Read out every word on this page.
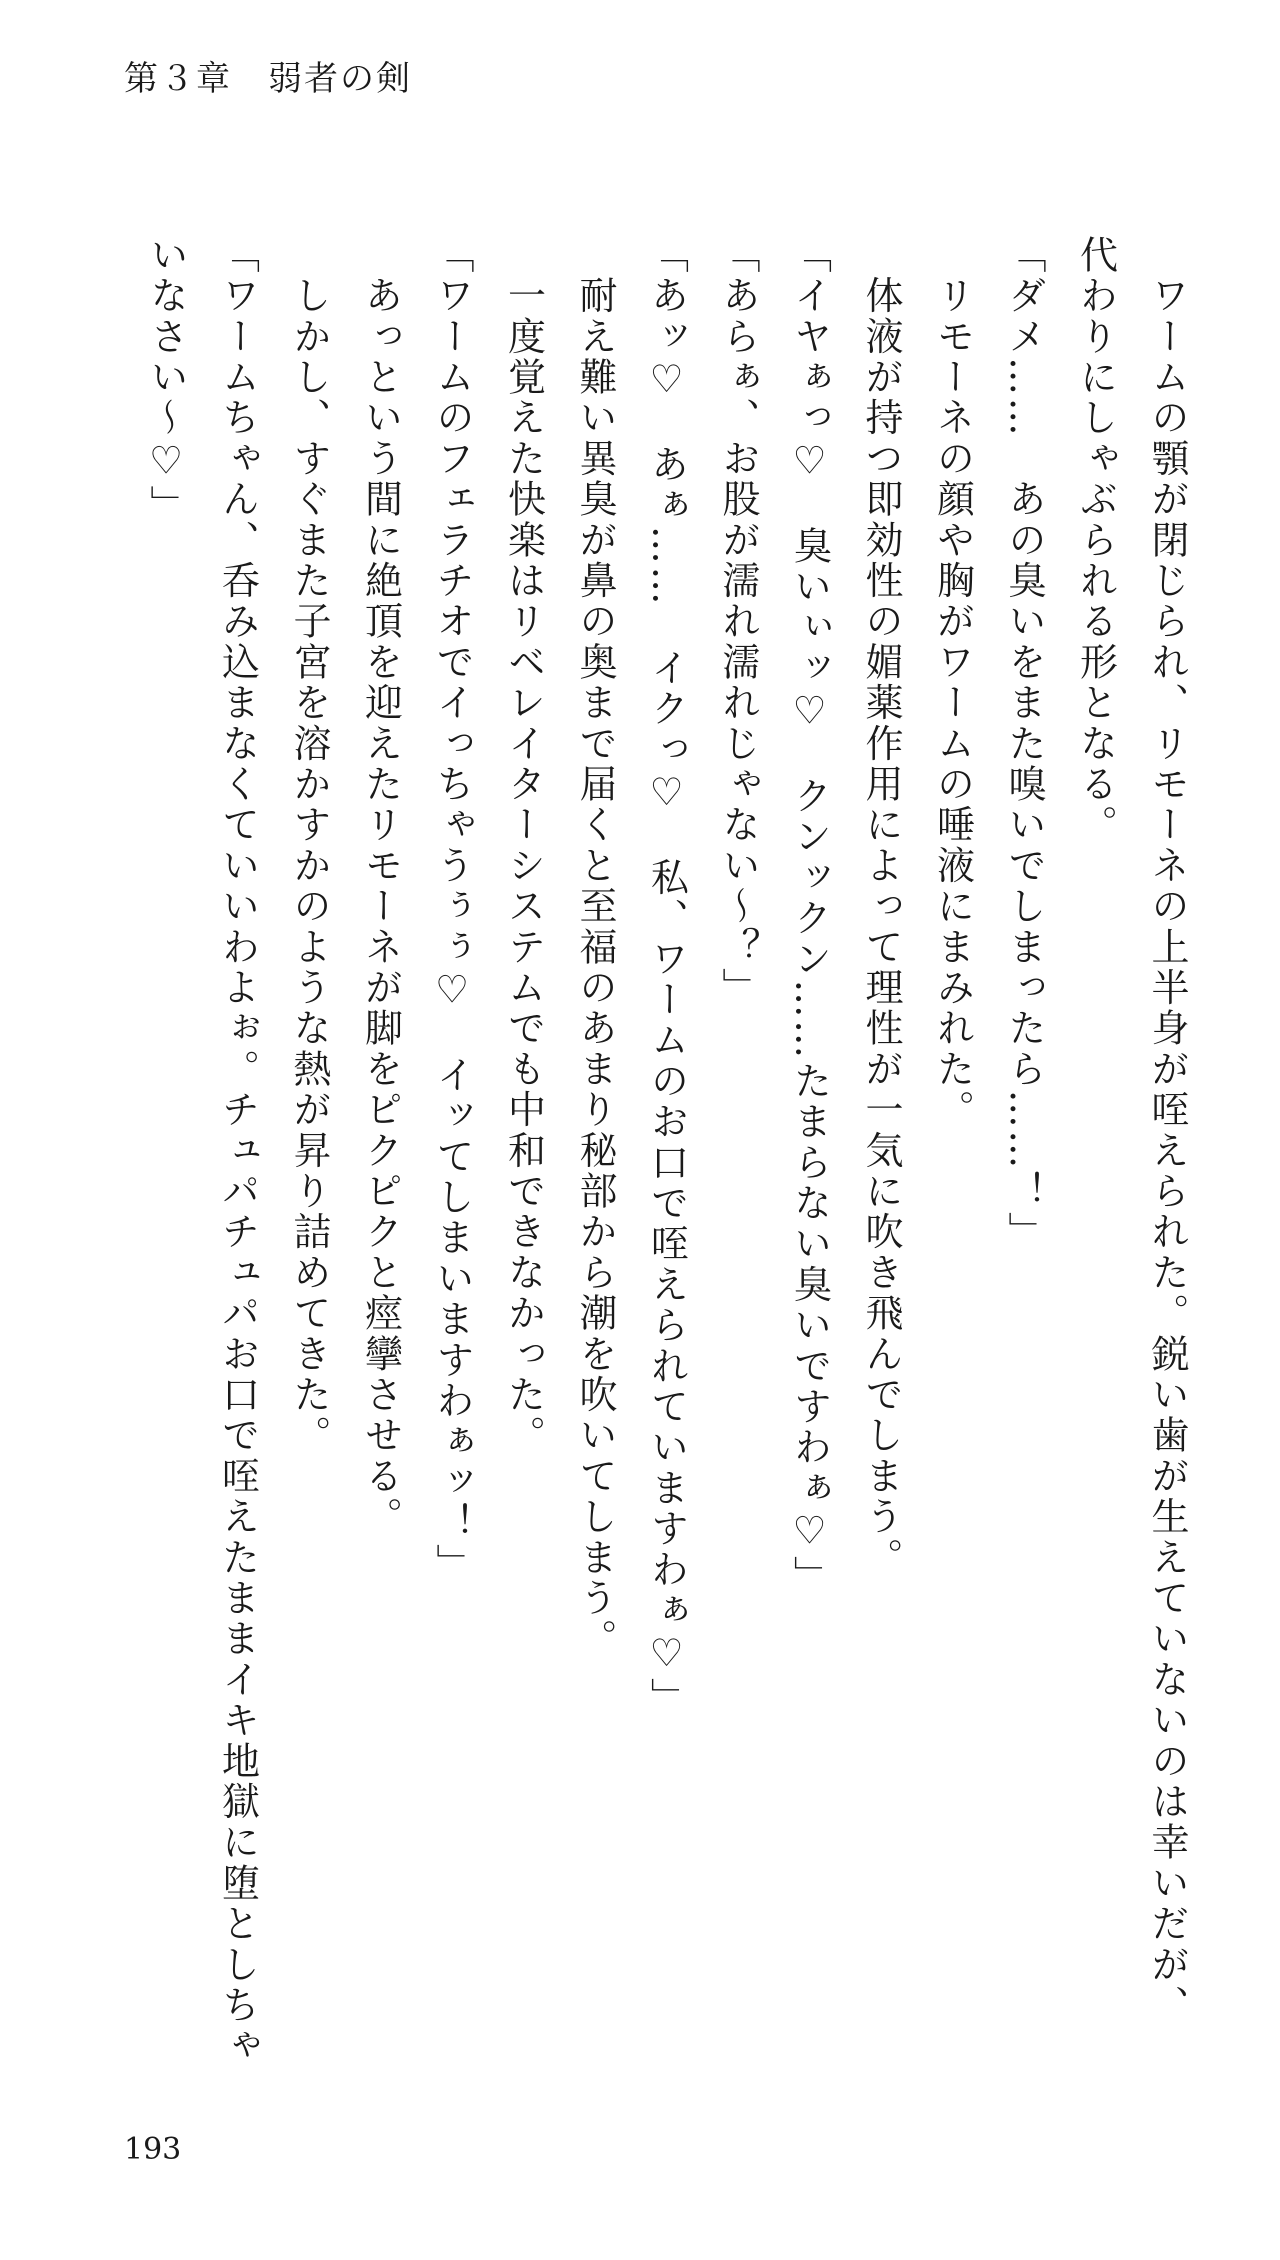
第３章　弱者の剣
　ワームの顎が閉じられ、リモーネの上半身が咥えられた。鋭い歯が生えていないのは幸いだが、
代わりにしゃぶられる形となる。
「ダメ……　あの臭いをまた嗅いでしまったら……！」
　リモーネの顔や胸がワームの唾液にまみれた。
　体液が持つ即効性の媚薬作用によって理性が一気に吹き飛んでしまう。
「イヤぁっ♡　臭いぃッ♡　クンックン……たまらない臭いですわぁ♡」
「あらぁ、お股が濡れ濡れじゃない〜？」
「あッ♡　あぁ……　イクっ♡　私、ワームのお口で咥えられていますわぁ♡」
　耐え難い異臭が鼻の奥まで届くと至福のあまり秘部から潮を吹いてしまう。
　一度覚えた快楽はリベレイターシステムでも中和できなかった。
「ワームのフェラチオでイっちゃうぅぅ♡　イッてしまいますわぁッ！」
　あっという間に絶頂を迎えたリモーネが脚をピクピクと痙攣させる。
　しかし、すぐまた子宮を溶かすかのような熱が昇り詰めてきた。
「ワームちゃん、呑み込まなくていいわよぉ。チュパチュパお口で咥えたままイキ地獄に堕としちゃ
いなさい〜♡」
193
